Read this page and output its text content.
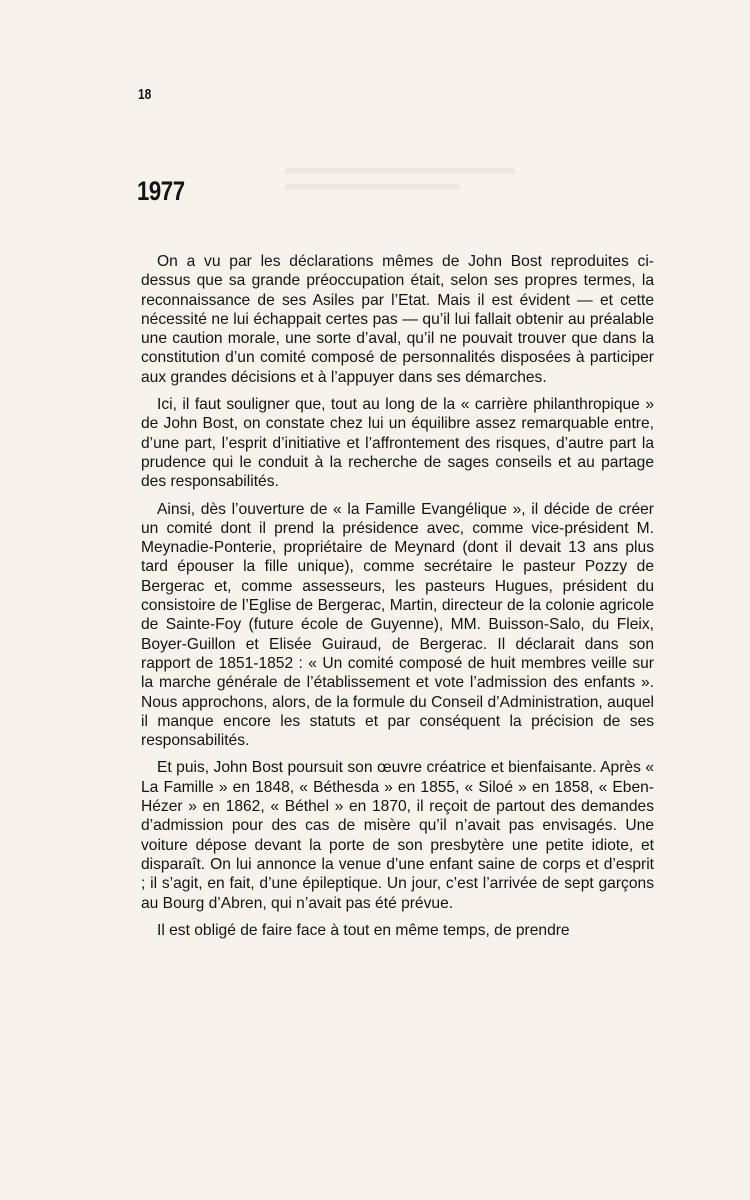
18
1977

On a vu par les déclarations mêmes de John Bost reproduites ci-dessus que sa grande préoccupation était, selon ses propres termes, la reconnaissance de ses Asiles par l’Etat. Mais il est évident — et cette nécessité ne lui échappait certes pas — qu’il lui fallait obtenir au préalable une caution morale, une sorte d’aval, qu’il ne pouvait trouver que dans la constitution d’un comité composé de personnalités disposées à participer aux grandes décisions et à l’appuyer dans ses démarches.

Ici, il faut souligner que, tout au long de la « carrière philanthropique » de John Bost, on constate chez lui un équilibre assez remarquable entre, d’une part, l’esprit d’initiative et l’affrontement des risques, d’autre part la prudence qui le conduit à la recherche de sages conseils et au partage des responsabilités.

Ainsi, dès l’ouverture de « la Famille Evangélique », il décide de créer un comité dont il prend la présidence avec, comme vice-président M. Meynadie-Ponterie, propriétaire de Meynard (dont il devait 13 ans plus tard épouser la fille unique), comme secrétaire le pasteur Pozzy de Bergerac et, comme assesseurs, les pasteurs Hugues, président du consistoire de l’Eglise de Bergerac, Martin, directeur de la colonie agricole de Sainte-Foy (future école de Guyenne), MM. Buisson-Salo, du Fleix, Boyer-Guillon et Elisée Guiraud, de Bergerac. Il déclarait dans son rapport de 1851-1852 : « Un comité composé de huit membres veille sur la marche générale de l’établissement et vote l’admission des enfants ». Nous approchons, alors, de la formule du Conseil d’Administration, auquel il manque encore les statuts et par conséquent la précision de ses responsabilités.

Et puis, John Bost poursuit son œuvre créatrice et bienfaisante. Après « La Famille » en 1848, « Béthesda » en 1855, « Siloé » en 1858, « Eben-Hézer » en 1862, « Béthel » en 1870, il reçoit de partout des demandes d’admission pour des cas de misère qu’il n’avait pas envisagés. Une voiture dépose devant la porte de son presbytère une petite idiote, et disparaît. On lui annonce la venue d’une enfant saine de corps et d’esprit ; il s’agit, en fait, d’une épileptique. Un jour, c’est l’arrivée de sept garçons au Bourg d’Abren, qui n’avait pas été prévue.

Il est obligé de faire face à tout en même temps, de prendre
